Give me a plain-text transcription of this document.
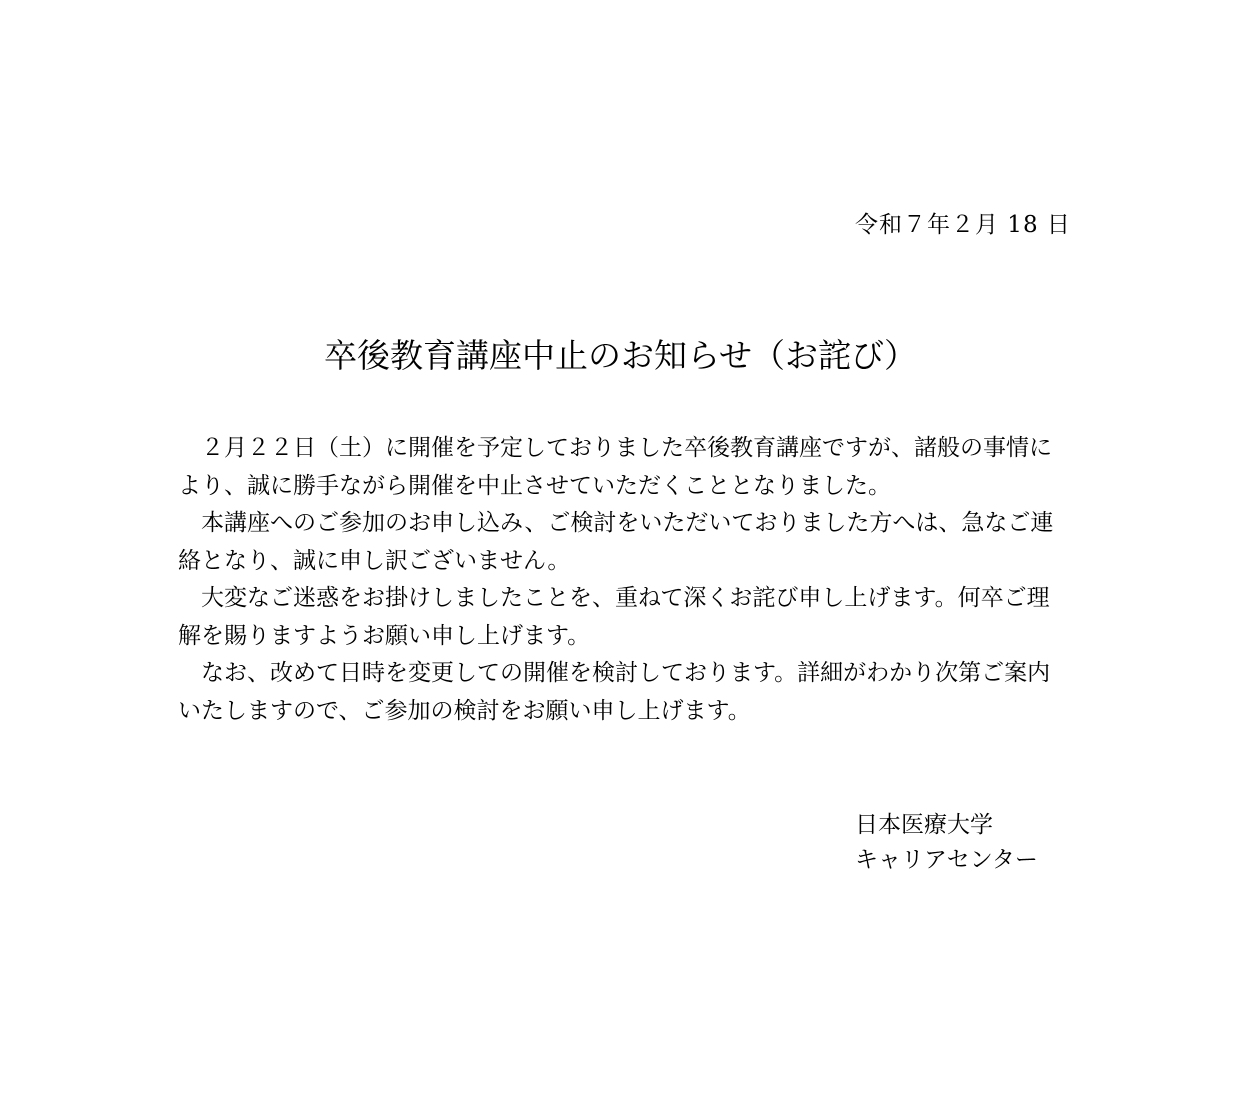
令和７年２月 18 日
卒後教育講座中止のお知らせ（お詫び）

２月２２日（土）に開催を予定しておりました卒後教育講座ですが、諸般の事情により、誠に勝手ながら開催を中止させていただくこととなりました。

本講座へのご参加のお申し込み、ご検討をいただいておりました方へは、急なご連絡となり、誠に申し訳ございません。

大変なご迷惑をお掛けしましたことを、重ねて深くお詫び申し上げます。何卒ご理解を賜りますようお願い申し上げます。

なお、改めて日時を変更しての開催を検討しております。詳細がわかり次第ご案内いたしますので、ご参加の検討をお願い申し上げます。

日本医療大学
キャリアセンター
